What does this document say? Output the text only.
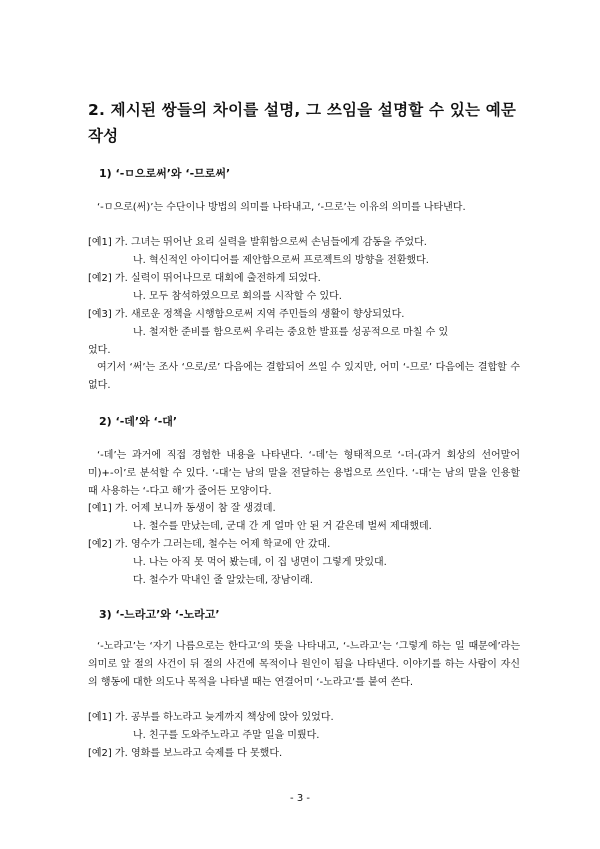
2. 제시된 쌍들의 차이를 설명, 그 쓰임을 설명할 수 있는 예문 작성
1) ‘-ㅁ으로써’와 ‘-므로써’
‘-ㅁ으로(써)’는 수단이나 방법의 의미를 나타내고, ‘-므로’는 이유의 의미를 나타낸다.
[예1] 가. 그녀는 뛰어난 요리 실력을 발휘함으로써 손님들에게 감동을 주었다.
나. 혁신적인 아이디어를 제안함으로써 프로젝트의 방향을 전환했다.
[예2] 가. 실력이 뛰어나므로 대회에 출전하게 되었다.
나. 모두 참석하였으므로 회의를 시작할 수 있다.
[예3] 가. 새로운 정책을 시행함으로써 지역 주민들의 생활이 향상되었다.
나. 철저한 준비를 함으로써 우리는 중요한 발표를 성공적으로 마칠 수 있
었다.
여기서 ‘써’는 조사 ‘으로/로’ 다음에는 결합되어 쓰일 수 있지만, 어미 ‘-므로’ 다음에는 결합할 수 없다.
2) ‘-데’와 ‘-대’
‘-데’는 과거에 직접 경험한 내용을 나타낸다. ‘-데’는 형태적으로 ‘-더-(과거 회상의 선어말어미)+-이’로 분석할 수 있다. ‘-대’는 남의 말을 전달하는 용법으로 쓰인다. ‘-대’는 남의 말을 인용할 때 사용하는 ‘-다고 해’가 줄어든 모양이다.
[예1] 가. 어제 보니까 동생이 참 잘 생겼데.
나. 철수를 만났는데, 군대 간 게 얼마 안 된 거 같은데 벌써 제대했데.
[예2] 가. 영수가 그러는데, 철수는 어제 학교에 안 갔대.
나. 나는 아직 못 먹어 봤는데, 이 집 냉면이 그렇게 맛있대.
다. 철수가 막내인 줄 알았는데, 장남이래.
3) ‘-느라고’와 ‘-노라고’
‘-노라고’는 ‘자기 나름으로는 한다고’의 뜻을 나타내고, ‘-느라고’는 ‘그렇게 하는 일 때문에’라는 의미로 앞 절의 사건이 뒤 절의 사건에 목적이나 원인이 됨을 나타낸다. 이야기를 하는 사람이 자신의 행동에 대한 의도나 목적을 나타낼 때는 연결어미 ‘-노라고’를 붙여 쓴다.
[예1] 가. 공부를 하노라고 늦게까지 책상에 앉아 있었다.
나. 친구를 도와주노라고 주말 일을 미뤘다.
[예2] 가. 영화를 보느라고 숙제를 다 못했다.
- 3 -
